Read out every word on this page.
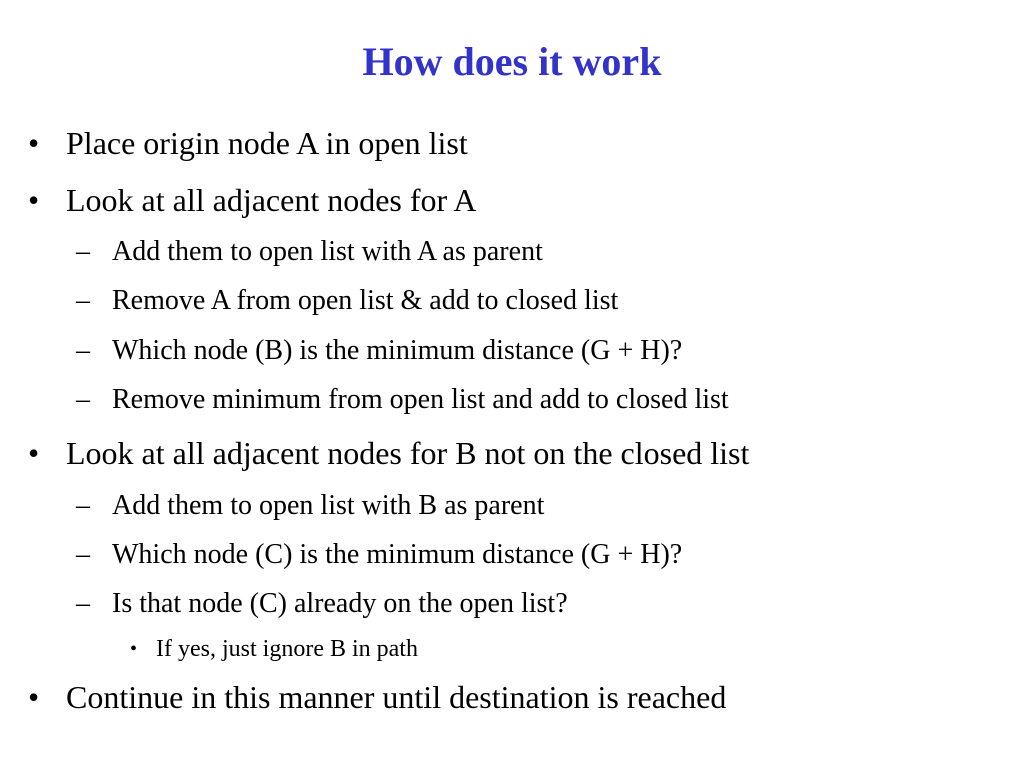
How does it work
• Place origin node A in open list
• Look at all adjacent nodes for A
– Add them to open list with A as parent
– Remove A from open list & add to closed list
– Which node (B) is the minimum distance (G + H)?
– Remove minimum from open list and add to closed list
• Look at all adjacent nodes for B not on the closed list
– Add them to open list with B as parent
– Which node (C) is the minimum distance (G + H)?
– Is that node (C) already on the open list?
• If yes, just ignore B in path
• Continue in this manner until destination is reached
